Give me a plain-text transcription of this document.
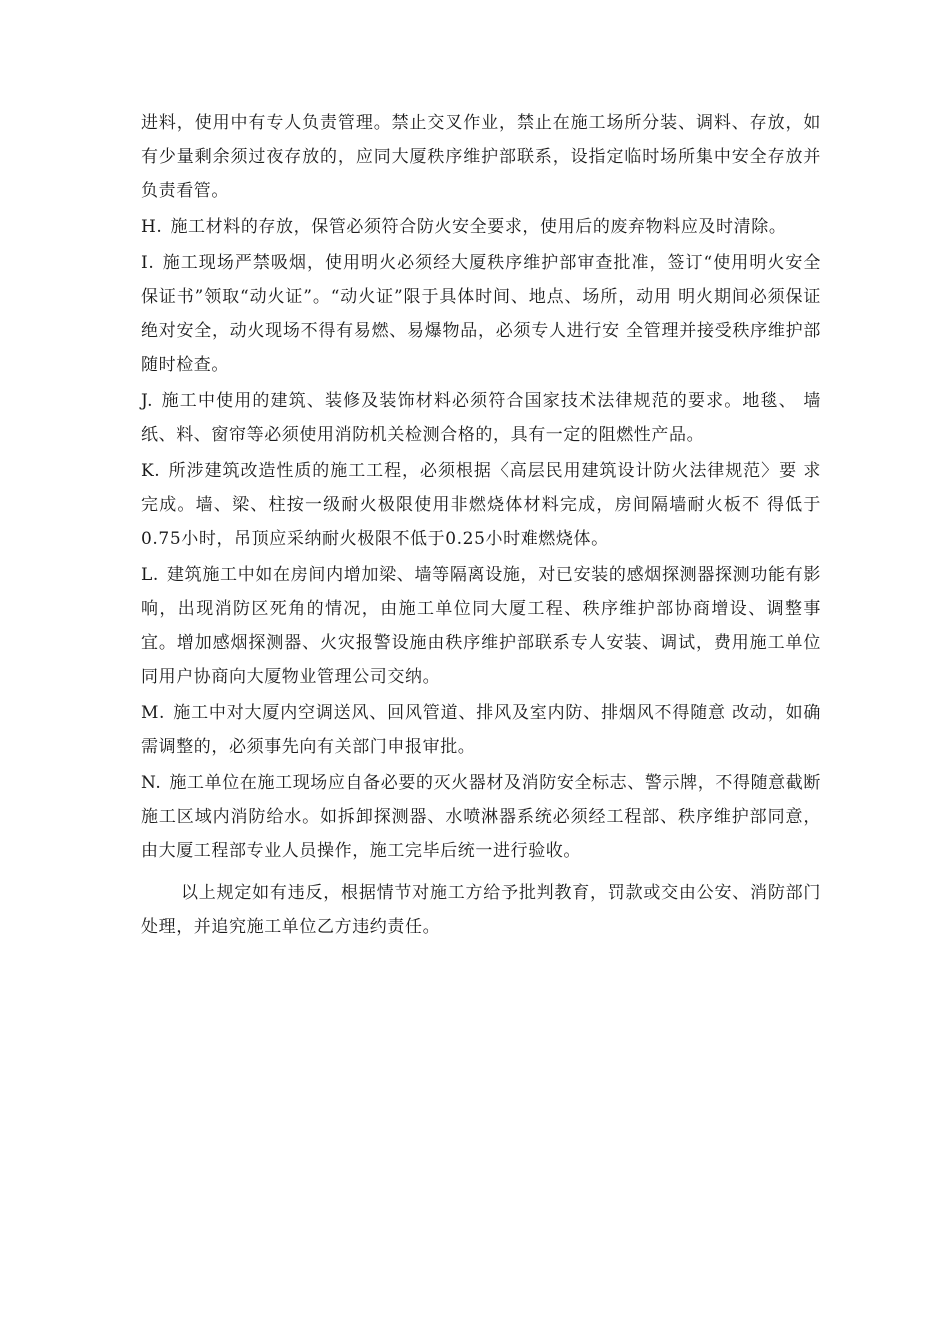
进料，使用中有专人负责管理。禁止交叉作业，禁止在施工场所分装、调料、存放，如有少量剩余须过夜存放的，应同大厦秩序维护部联系，设指定临时场所集中安全存放并负责看管。

H. 施工材料的存放，保管必须符合防火安全要求，使用后的废弃物料应及时清除。

I. 施工现场严禁吸烟，使用明火必须经大厦秩序维护部审查批准，签订“使用明火安全保证书”领取“动火证”。“动火证”限于具体时间、地点、场所，动用 明火期间必须保证绝对安全，动火现场不得有易燃、易爆物品，必须专人进行安 全管理并接受秩序维护部随时检查。

J. 施工中使用的建筑、装修及装饰材料必须符合国家技术法律规范的要求。地毯、 墙纸、料、窗帘等必须使用消防机关检测合格的，具有一定的阻燃性产品。

K. 所涉建筑改造性质的施工工程，必须根据〈高层民用建筑设计防火法律规范〉要 求完成。墙、梁、柱按一级耐火极限使用非燃烧体材料完成，房间隔墙耐火板不 得低于0.75小时，吊顶应采纳耐火极限不低于0.25小时难燃烧体。

L. 建筑施工中如在房间内增加梁、墙等隔离设施，对已安装的感烟探测器探测功能有影响，出现消防区死角的情况，由施工单位同大厦工程、秩序维护部协商增设、调整事宜。增加感烟探测器、火灾报警设施由秩序维护部联系专人安装、调试，费用施工单位同用户协商向大厦物业管理公司交纳。

M. 施工中对大厦内空调送风、回风管道、排风及室内防、排烟风不得随意 改动，如确需调整的，必须事先向有关部门申报审批。

N. 施工单位在施工现场应自备必要的灭火器材及消防安全标志、警示牌，不得随意截断施工区域内消防给水。如拆卸探测器、水喷淋器系统必须经工程部、秩序维护部同意，由大厦工程部专业人员操作，施工完毕后统一进行验收。

以上规定如有违反，根据情节对施工方给予批判教育，罚款或交由公安、消防部门处理，并追究施工单位乙方违约责任。
